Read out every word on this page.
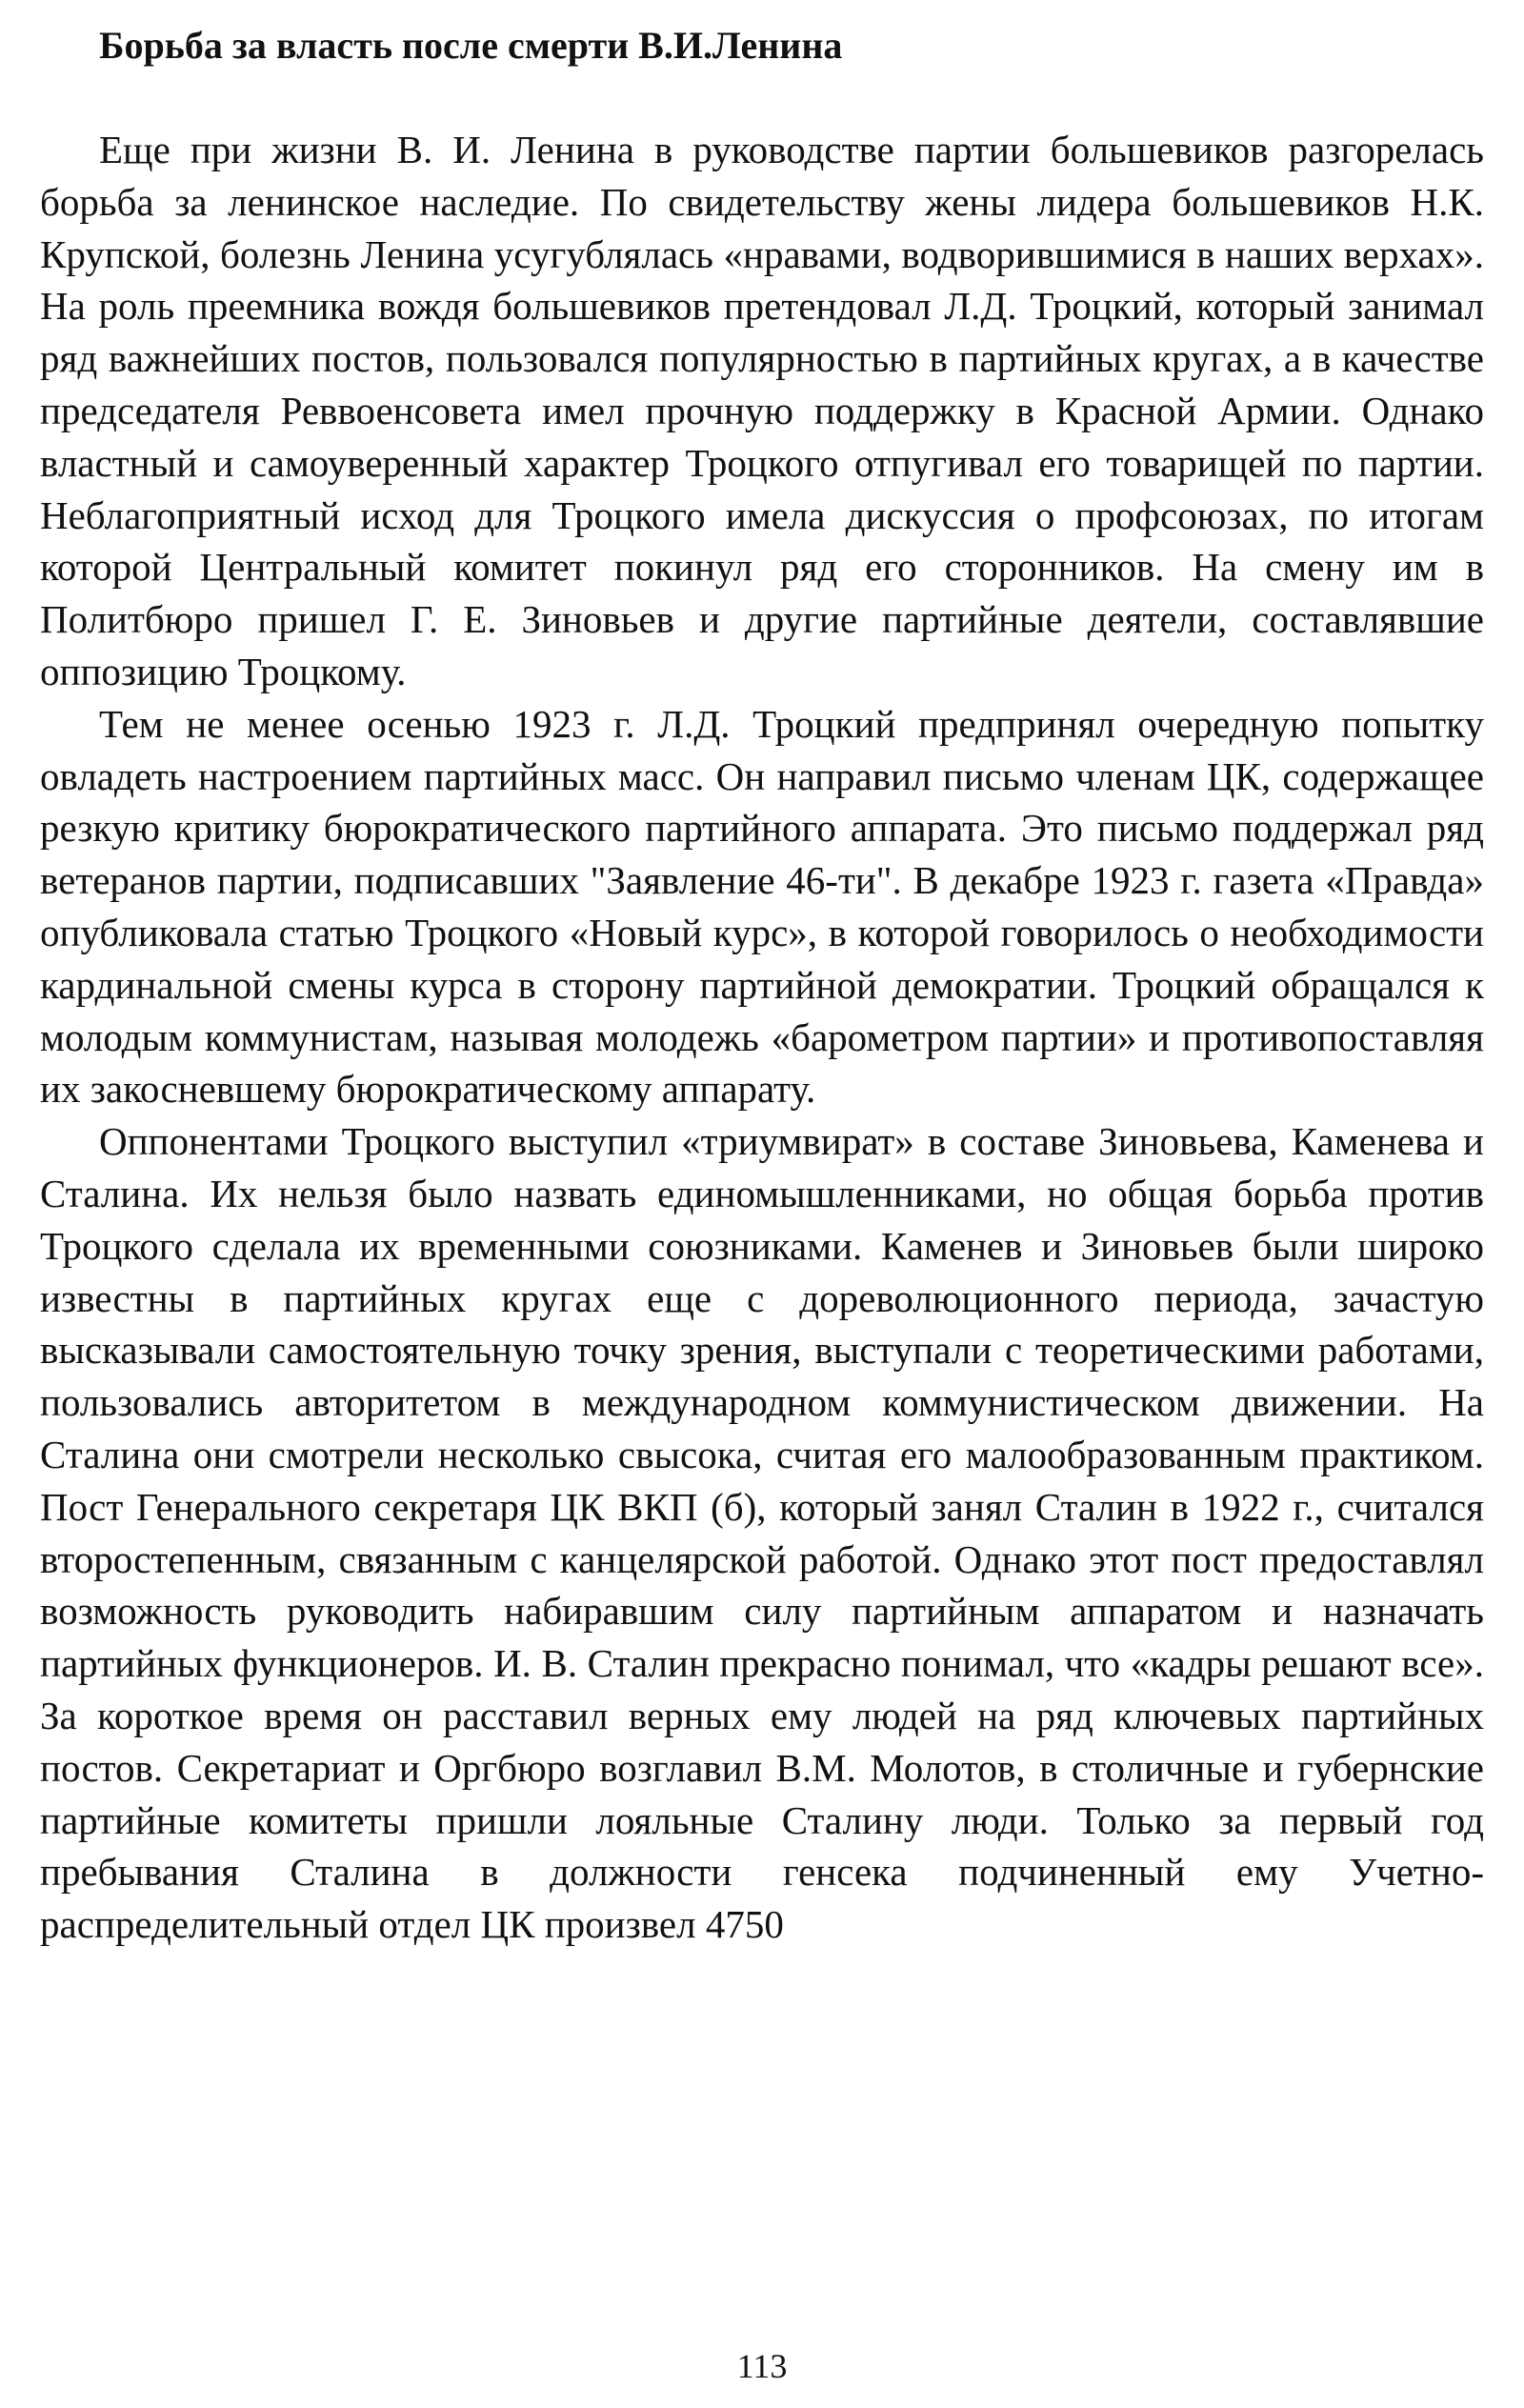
Борьба за власть после смерти В.И.Ленина

Еще при жизни В. И. Ленина в руководстве партии большевиков разгорелась борьба за ленинское наследие. По свидетельству жены лидера большевиков Н.К. Крупской, болезнь Ленина усугублялась «нравами, водворившимися в наших верхах». На роль преемника вождя большевиков претендовал Л.Д. Троцкий, который занимал ряд важнейших постов, пользовался популярностью в партийных кругах, а в качестве председателя Реввоенсовета имел прочную поддержку в Красной Армии. Однако властный и самоуверенный характер Троцкого отпугивал его товарищей по партии. Неблагоприятный исход для Троцкого имела дискуссия о профсоюзах, по итогам которой Центральный комитет покинул ряд его сторонников. На смену им в Политбюро пришел Г. Е. Зиновьев и другие партийные деятели, составлявшие оппозицию Троцкому.

Тем не менее осенью 1923 г. Л.Д. Троцкий предпринял очередную попытку овладеть настроением партийных масс. Он направил письмо членам ЦК, содержащее резкую критику бюрократического партийного аппарата. Это письмо поддержал ряд ветеранов партии, подписавших "Заявление 46-ти". В декабре 1923 г. газета «Правда» опубликовала статью Троцкого «Новый курс», в которой говорилось о необходимости кардинальной смены курса в сторону партийной демократии. Троцкий обращался к молодым коммунистам, называя молодежь «барометром партии» и противопоставляя их закосневшему бюрократическому аппарату.

Оппонентами Троцкого выступил «триумвират» в составе Зиновьева, Каменева и Сталина. Их нельзя было назвать единомышленниками, но общая борьба против Троцкого сделала их временными союзниками. Каменев и Зиновьев были широко известны в партийных кругах еще с дореволюционного периода, зачастую высказывали самостоятельную точку зрения, выступали с теоретическими работами, пользовались авторитетом в международном коммунистическом движении. На Сталина они смотрели несколько свысока, считая его малообразованным практиком. Пост Генерального секретаря ЦК ВКП (б), который занял Сталин в 1922 г., считался второстепенным, связанным с канцелярской работой. Однако этот пост предоставлял возможность руководить набиравшим силу партийным аппаратом и назначать партийных функционеров. И. В. Сталин прекрасно понимал, что «кадры решают все». За короткое время он расставил верных ему людей на ряд ключевых партийных постов. Секретариат и Оргбюро возглавил В.М. Молотов, в столичные и губернские партийные комитеты пришли лояльные Сталину люди. Только за первый год пребывания Сталина в должности генсека подчиненный ему Учетно-распределительный отдел ЦК произвел 4750

113
